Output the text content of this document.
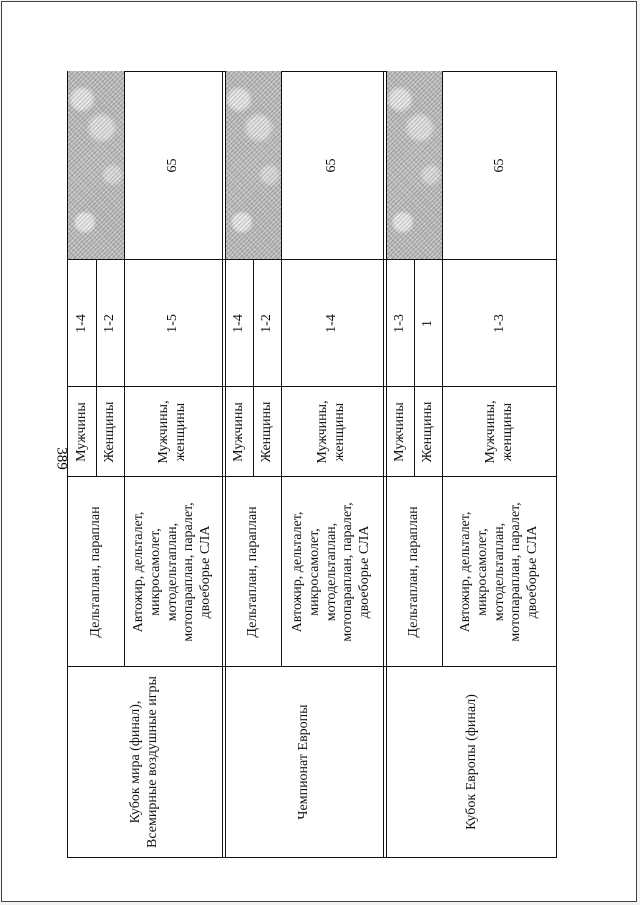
389
Кубок мира (финал), Всемирные воздушные игры
Дельтаплан, параплан
Мужчины Женщины
1-4 1-2
Автожир, дельталет, микросамолет, мотодельтаплан, мотопараплан, паралет, двоеборье СЛА
Мужчины, женщины
1-5
65
Чемпионат Европы
Дельтаплан, параплан
Мужчины Женщины
1-4 1-2
Автожир, дельталет, микросамолет, мотодельтаплан, мотопараплан, паралет, двоеборье СЛА
Мужчины, женщины
1-4
65
Кубок Европы (финал)
Дельтаплан, параплан
Мужчины Женщины
1-3 1
Автожир, дельталет, микросамолет, мотодельтаплан, мотопараплан, паралет, двоеборье СЛА
Мужчины, женщины
1-3
65
